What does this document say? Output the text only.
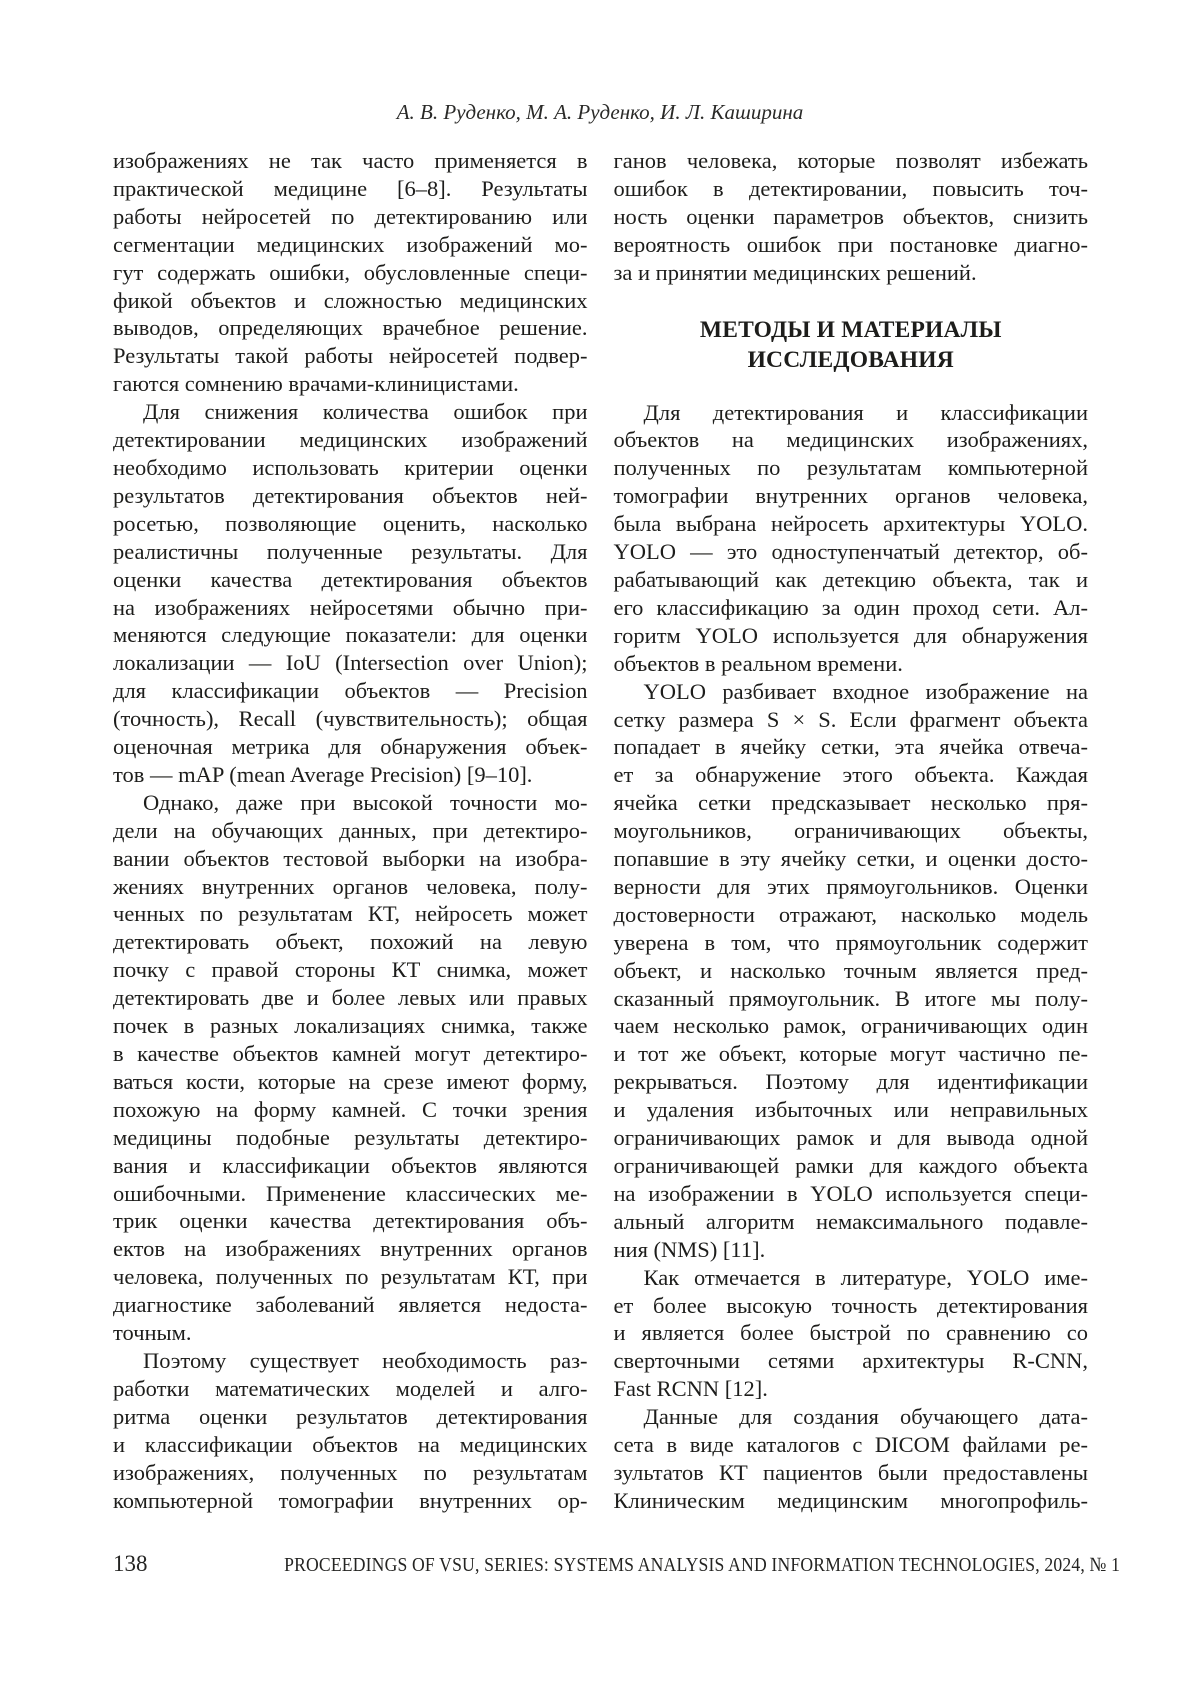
А. В. Руденко, М. А. Руденко, И. Л. Каширина
изображениях не так часто применяется в
практической медицине [6–8]. Результаты
работы нейросетей по детектированию или
сегментации медицинских изображений мо-
гут содержать ошибки, обусловленные специ-
фикой объектов и сложностью медицинских
выводов, определяющих врачебное решение.
Результаты такой работы нейросетей подвер-
гаются сомнению врачами-клиницистами.
Для снижения количества ошибок при
детектировании медицинских изображений
необходимо использовать критерии оценки
результатов детектирования объектов ней-
росетью, позволяющие оценить, насколько
реалистичны полученные результаты. Для
оценки качества детектирования объектов
на изображениях нейросетями обычно при-
меняются следующие показатели: для оценки
локализации — IoU (Intersection over Union);
для классификации объектов — Precision
(точность), Recall (чувствительность); общая
оценочная метрика для обнаружения объек-
тов — mAP (mean Average Precision) [9–10].
Однако, даже при высокой точности мо-
дели на обучающих данных, при детектиро-
вании объектов тестовой выборки на изобра-
жениях внутренних органов человека, полу-
ченных по результатам КТ, нейросеть может
детектировать объект, похожий на левую
почку с правой стороны КТ снимка, может
детектировать две и более левых или правых
почек в разных локализациях снимка, также
в качестве объектов камней могут детектиро-
ваться кости, которые на срезе имеют форму,
похожую на форму камней. С точки зрения
медицины подобные результаты детектиро-
вания и классификации объектов являются
ошибочными. Применение классических ме-
трик оценки качества детектирования объ-
ектов на изображениях внутренних органов
человека, полученных по результатам КТ, при
диагностике заболеваний является недоста-
точным.
Поэтому существует необходимость раз-
работки математических моделей и алго-
ритма оценки результатов детектирования
и классификации объектов на медицинских
изображениях, полученных по результатам
компьютерной томографии внутренних ор-
ганов человека, которые позволят избежать
ошибок в детектировании, повысить точ-
ность оценки параметров объектов, снизить
вероятность ошибок при постановке диагно-
за и принятии медицинских решений.
МЕТОДЫ И МАТЕРИАЛЫ
ИССЛЕДОВАНИЯ
Для детектирования и классификации
объектов на медицинских изображениях,
полученных по результатам компьютерной
томографии внутренних органов человека,
была выбрана нейросеть архитектуры YOLO.
YOLO — это одноступенчатый детектор, об-
рабатывающий как детекцию объекта, так и
его классификацию за один проход сети. Ал-
горитм YOLO используется для обнаружения
объектов в реальном времени.
YOLO разбивает входное изображение на
сетку размера S × S. Если фрагмент объекта
попадает в ячейку сетки, эта ячейка отвеча-
ет за обнаружение этого объекта. Каждая
ячейка сетки предсказывает несколько пря-
моугольников, ограничивающих объекты,
попавшие в эту ячейку сетки, и оценки досто-
верности для этих прямоугольников. Оценки
достоверности отражают, насколько модель
уверена в том, что прямоугольник содержит
объект, и насколько точным является пред-
сказанный прямоугольник. В итоге мы полу-
чаем несколько рамок, ограничивающих один
и тот же объект, которые могут частично пе-
рекрываться. Поэтому для идентификации
и удаления избыточных или неправильных
ограничивающих рамок и для вывода одной
ограничивающей рамки для каждого объекта
на изображении в YOLO используется специ-
альный алгоритм немаксимального подавле-
ния (NMS) [11].
Как отмечается в литературе, YOLO име-
ет более высокую точность детектирования
и является более быстрой по сравнению со
сверточными сетями архитектуры R-CNN,
Fast RCNN [12].
Данные для создания обучающего дата-
сета в виде каталогов с DICOM файлами ре-
зультатов КТ пациентов были предоставлены
Клиническим медицинским многопрофиль-
138	PROCEEDINGS OF VSU, SERIES: SYSTEMS ANALYSIS AND INFORMATION TECHNOLOGIES, 2024, № 1
